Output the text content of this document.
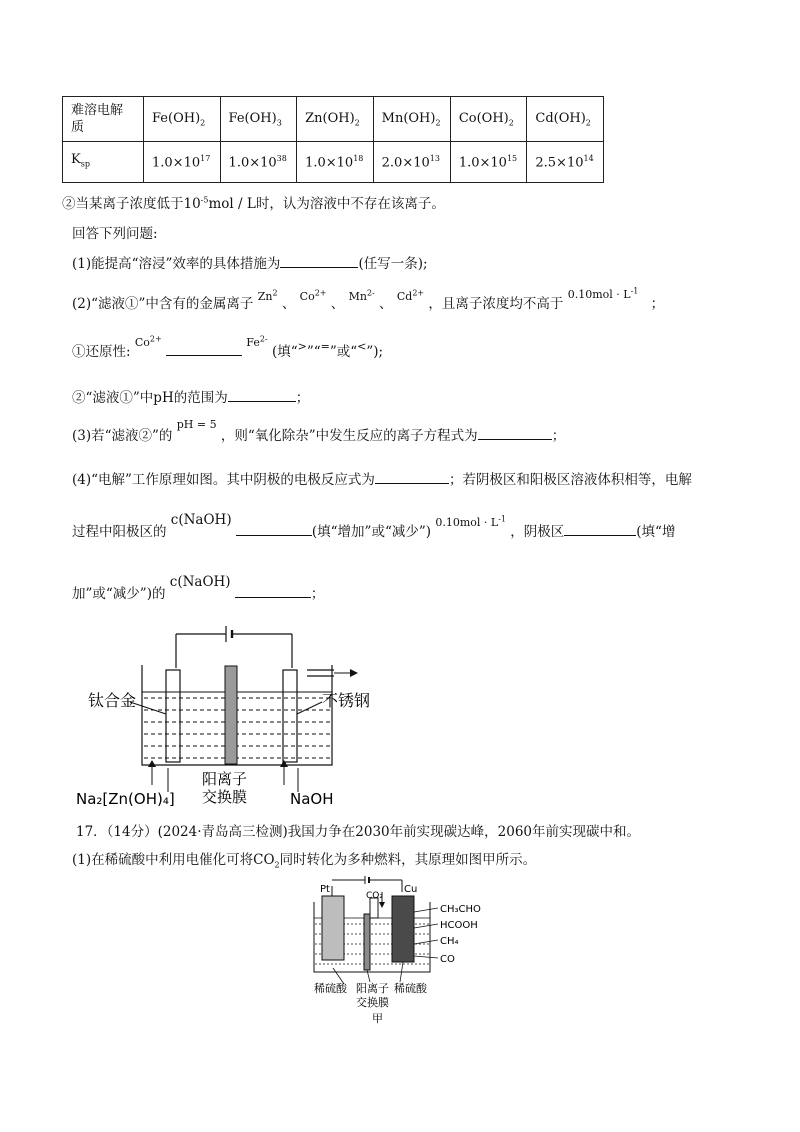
难溶电解质	$Fe(OH)_2$	$Fe(OH)_3$	$Zn(OH)_2$	$Mn(OH)_2$	$Co(OH)_2$	$Cd(OH)_2$
$K_{sp}$	$1.0\times 10^{17}$	$1.0\times 10^{38}$	$1.0\times 10^{18}$	$2.0\times 10^{13}$	$1.0\times 10^{15}$	$2.5\times 10^{14}$
②当某离子浓度低于$10^{-5}mol$ / L时，认为溶液中不存在该离子。
回答下列问题:
(1)能提高“溶浸”效率的具体措施为	(任写一条);
(2)“滤液①”中含有的金属离子 $^{Zn^2}$ 、 $^{Co^{2+}}$ 、 $^{Mn^{2-}}$ 、 $^{Cd^{2+}}$ ，且离子浓度均不高于 $^{0.10mol \cdot L^{-1}}$ ；
①还原性: $^{Co^{2+}}$	$^{Fe^{2-}}$ (填“>”“=”或“<”);
②“滤液①”中pH的范围为	；
(3)若“滤液②”的 $^{pH = 5}$ ，则“氧化除杂”中发生反应的离子方程式为	；
(4)“电解”工作原理如图。其中阴极的电极反应式为	；若阴极区和阳极区溶液体积相等，电解
过程中阳极区的 c(NaOH) (填“增加”或“减少”) $^{0.10mol \cdot L^{-1}}$ ，阴极区	(填“增
加”或“减少”)的 c(NaOH) ；
钛合金	不锈钢
阳离子
交换膜
Na₂[Zn(OH)₄]	NaOH
17．（14分）(2024·青岛高三检测)我国力争在2030年前实现碳达峰，2060年前实现碳中和。
(1)在稀硫酸中利用电催化可将$CO_2$同时转化为多种燃料，其原理如图甲所示。
Pt	Cu
CO₂
CH₃CHO
HCOOH
CH₄
CO
稀硫酸 阳离子
交换膜
稀硫酸
甲
